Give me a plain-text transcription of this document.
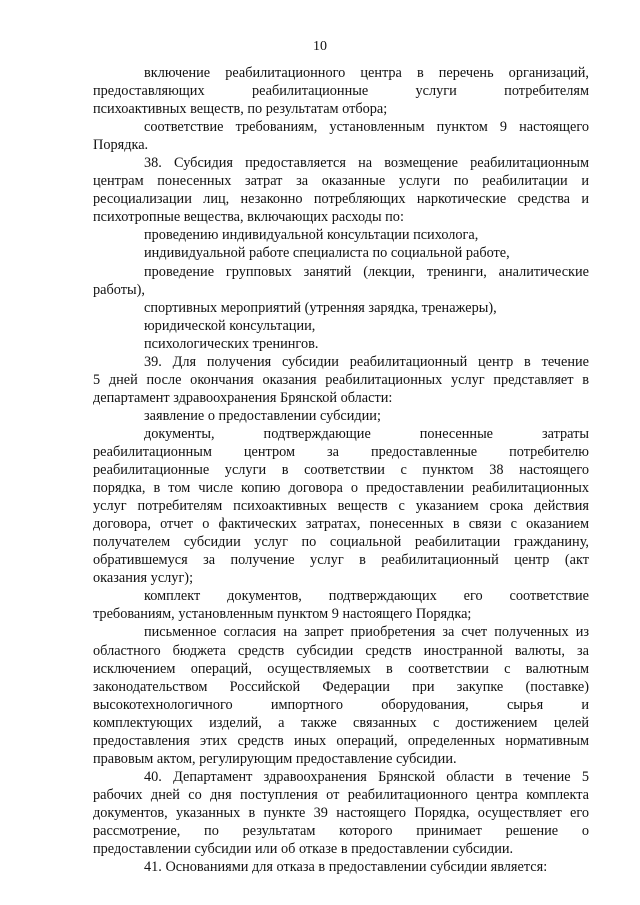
10
включение реабилитационного центра в перечень организаций,
предоставляющих реабилитационные услуги потребителям
психоактивных веществ, по результатам отбора;
соответствие требованиям, установленным пунктом 9 настоящего
Порядка.
38. Субсидия предоставляется на возмещение реабилитационным
центрам понесенных затрат за оказанные услуги по реабилитации и
ресоциализации лиц, незаконно потребляющих наркотические средства и
психотропные вещества, включающих расходы по:
проведению индивидуальной консультации психолога,
индивидуальной работе специалиста по социальной работе,
проведение групповых занятий (лекции, тренинги, аналитические
работы),
спортивных мероприятий (утренняя зарядка, тренажеры),
юридической консультации,
психологических тренингов.
39. Для получения субсидии реабилитационный центр в течение
5 дней после окончания оказания реабилитационных услуг представляет в
департамент здравоохранения Брянской области:
заявление о предоставлении субсидии;
документы, подтверждающие понесенные затраты
реабилитационным центром за предоставленные потребителю
реабилитационные услуги в соответствии с пунктом 38 настоящего
порядка, в том числе копию договора о предоставлении реабилитационных
услуг потребителям психоактивных веществ с указанием срока действия
договора, отчет о фактических затратах, понесенных в связи с оказанием
получателем субсидии услуг по социальной реабилитации гражданину,
обратившемуся за получение услуг в реабилитационный центр (акт
оказания услуг);
комплект документов, подтверждающих его соответствие
требованиям, установленным пунктом 9 настоящего Порядка;
письменное согласия на запрет приобретения за счет полученных из
областного бюджета средств субсидии средств иностранной валюты, за
исключением операций, осуществляемых в соответствии с валютным
законодательством Российской Федерации при закупке (поставке)
высокотехнологичного импортного оборудования, сырья и
комплектующих изделий, а также связанных с достижением целей
предоставления этих средств иных операций, определенных нормативным
правовым актом, регулирующим предоставление субсидии.
40. Департамент здравоохранения Брянской области в течение 5
рабочих дней со дня поступления от реабилитационного центра комплекта
документов, указанных в пункте 39 настоящего Порядка, осуществляет его
рассмотрение, по результатам которого принимает решение о
предоставлении субсидии или об отказе в предоставлении субсидии.
41. Основаниями для отказа в предоставлении субсидии является:
